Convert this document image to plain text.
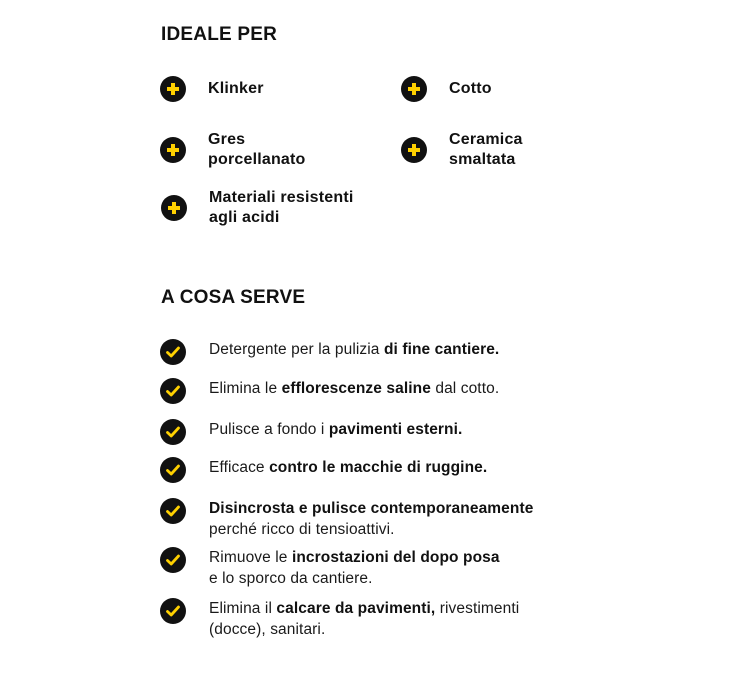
IDEALE PER
Klinker	Cotto
Gres
porcellanato
Ceramica
smaltata
Materiali resistenti
agli acidi
A COSA SERVE
Detergente per la pulizia di fine cantiere.
Elimina le efflorescenze saline dal cotto.
Pulisce a fondo i pavimenti esterni.
Efficace contro le macchie di ruggine.
Disincrosta e pulisce contemporaneamente
perché ricco di tensioattivi.
Rimuove le incrostazioni del dopo posa
e lo sporco da cantiere.
Elimina il calcare da pavimenti, rivestimenti
(docce), sanitari.
